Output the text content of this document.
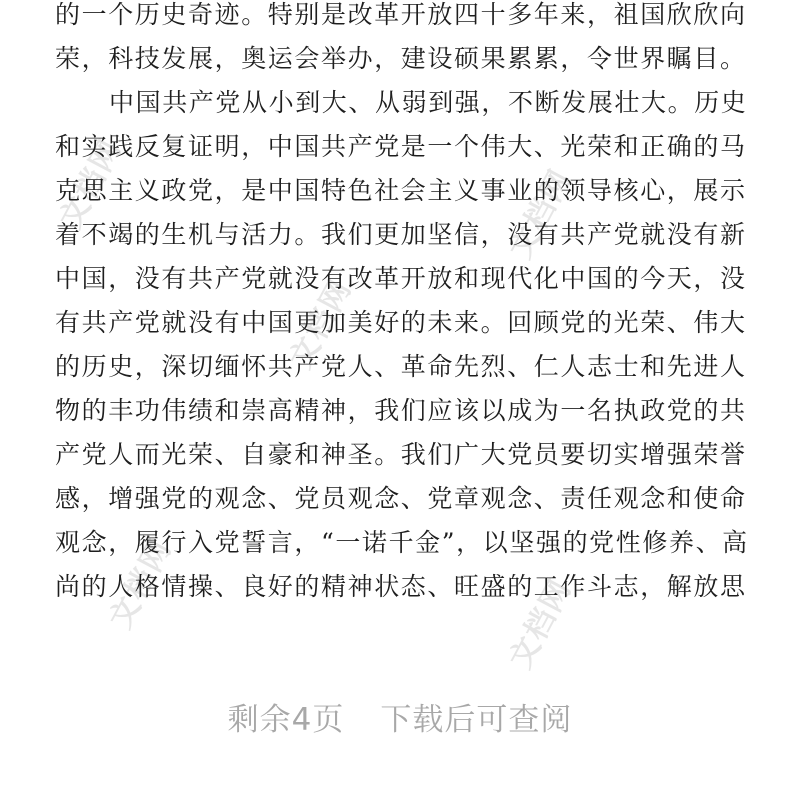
文档网
文档网
文档网
文档网	文档网
的一个历史奇迹。特别是改革开放四十多年来，祖国欣欣向
荣，科技发展，奥运会举办，建设硕果累累，令世界瞩目。
中国共产党从小到大、从弱到强，不断发展壮大。历史
和实践反复证明，中国共产党是一个伟大、光荣和正确的马
克思主义政党，是中国特色社会主义事业的领导核心，展示
着不竭的生机与活力。我们更加坚信，没有共产党就没有新
中国，没有共产党就没有改革开放和现代化中国的今天，没
有共产党就没有中国更加美好的未来。回顾党的光荣、伟大
的历史，深切缅怀共产党人、革命先烈、仁人志士和先进人
物的丰功伟绩和崇高精神，我们应该以成为一名执政党的共
产党人而光荣、自豪和神圣。我们广大党员要切实增强荣誉
感，增强党的观念、党员观念、党章观念、责任观念和使命
观念，履行入党誓言，“一诺千金”，以坚强的党性修养、高
尚的人格情操、良好的精神状态、旺盛的工作斗志，解放思
剩余4页 下载后可查阅
